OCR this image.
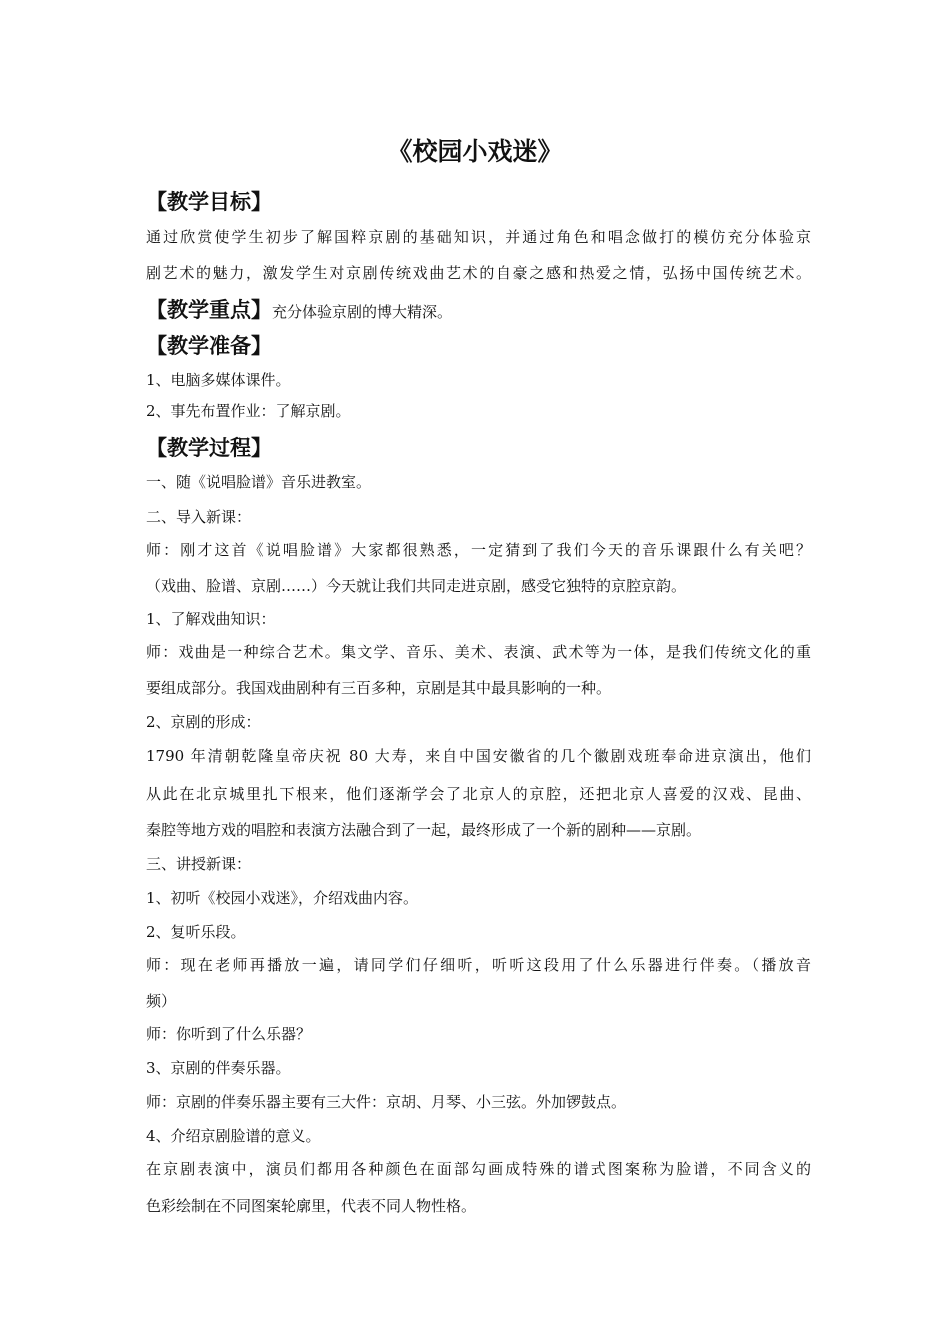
《校园小戏迷》
【教学目标】
通过欣赏使学生初步了解国粹京剧的基础知识，并通过角色和唱念做打的模仿充分体验京
剧艺术的魅力，激发学生对京剧传统戏曲艺术的自豪之感和热爱之情，弘扬中国传统艺术。
【教学重点】充分体验京剧的博大精深。
【教学准备】
1、电脑多媒体课件。
2、事先布置作业：了解京剧。
【教学过程】
一、随《说唱脸谱》音乐进教室。
二、导入新课：
师：刚才这首《说唱脸谱》大家都很熟悉，一定猜到了我们今天的音乐课跟什么有关吧？
（戏曲、脸谱、京剧……）今天就让我们共同走进京剧，感受它独特的京腔京韵。
1、了解戏曲知识：
师：戏曲是一种综合艺术。集文学、音乐、美术、表演、武术等为一体，是我们传统文化的重
要组成部分。我国戏曲剧种有三百多种，京剧是其中最具影响的一种。
2、京剧的形成：
1790 年清朝乾隆皇帝庆祝 80 大寿，来自中国安徽省的几个徽剧戏班奉命进京演出，他们
从此在北京城里扎下根来，他们逐渐学会了北京人的京腔，还把北京人喜爱的汉戏、昆曲、
秦腔等地方戏的唱腔和表演方法融合到了一起，最终形成了一个新的剧种——京剧。
三、讲授新课：
1、初听《校园小戏迷》，介绍戏曲内容。
2、复听乐段。
师：现在老师再播放一遍，请同学们仔细听，听听这段用了什么乐器进行伴奏。（播放音
频）
师：你听到了什么乐器？
3、京剧的伴奏乐器。
师：京剧的伴奏乐器主要有三大件：京胡、月琴、小三弦。外加锣鼓点。
4、介绍京剧脸谱的意义。
在京剧表演中，演员们都用各种颜色在面部勾画成特殊的谱式图案称为脸谱，不同含义的
色彩绘制在不同图案轮廓里，代表不同人物性格。
